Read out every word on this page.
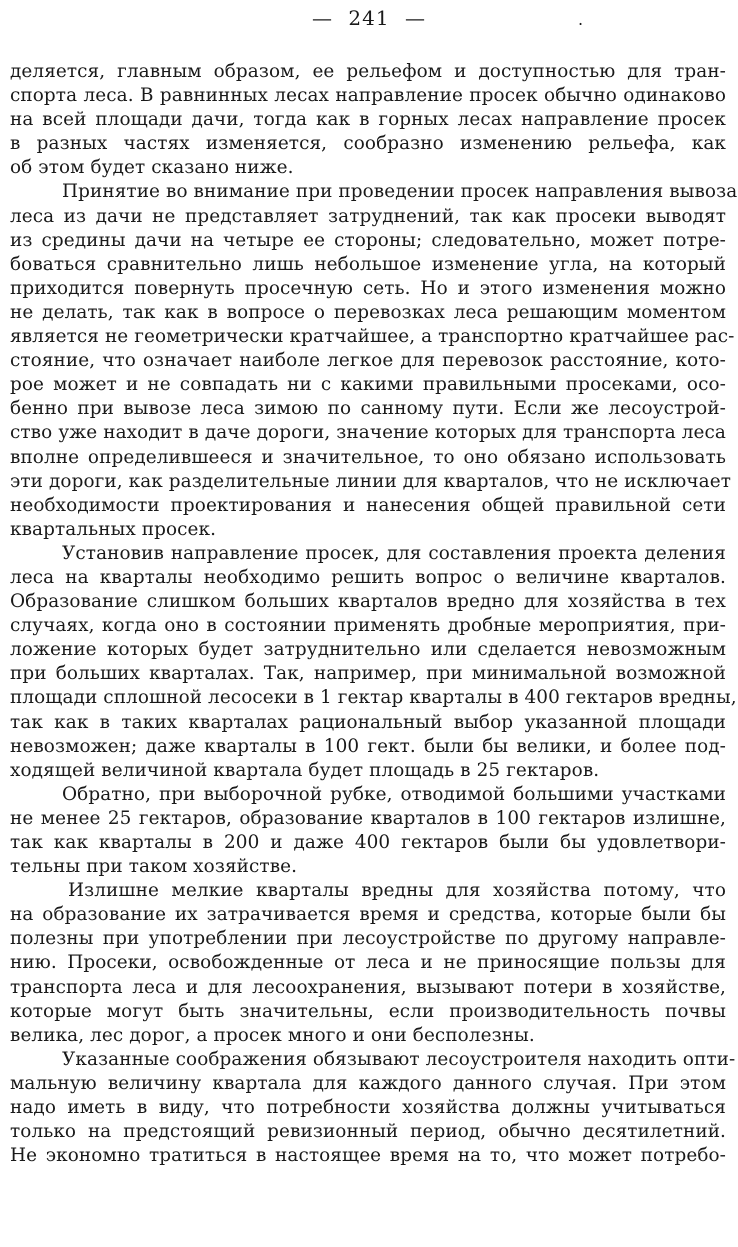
— 241 —	.
деляется, главным образом, ее рельефом и доступностью для тран-
спорта леса. В равнинных лесах направление просек обычно одинаково
на всей площади дачи, тогда как в горных лесах направление просек
в разных частях изменяется, сообразно изменению рельефа, как
об этом будет сказано ниже.
Принятие во внимание при проведении просек направления вывоза
леса из дачи не представляет затруднений, так как просеки выводят
из средины дачи на четыре ее стороны; следовательно, может потре-
боваться сравнительно лишь небольшое изменение угла, на который
приходится повернуть просечную сеть. Но и этого изменения можно
не делать, так как в вопросе о перевозках леса решающим моментом
является не геометрически кратчайшее, а транспортно кратчайшее рас-
стояние, что означает наиболе легкое для перевозок расстояние, кото-
рое может и не совпадать ни с какими правильными просеками, осо-
бенно при вывозе леса зимою по санному пути. Если же лесоустрой-
ство уже находит в даче дороги, значение которых для транспорта леса
вполне определившееся и значительное, то оно обязано использовать
эти дороги, как разделительные линии для кварталов, что не исключает
необходимости проектирования и нанесения общей правильной сети
квартальных просек.
Установив направление просек, для составления проекта деления
леса на кварталы необходимо решить вопрос о величине кварталов.
Образование слишком больших кварталов вредно для хозяйства в тех
случаях, когда оно в состоянии применять дробные мероприятия, при-
ложение которых будет затруднительно или сделается невозможным
при больших кварталах. Так, например, при минимальной возможной
площади сплошной лесосеки в 1 гектар кварталы в 400 гектаров вредны,
так как в таких кварталах рациональный выбор указанной площади
невозможен; даже кварталы в 100 гект. были бы велики, и более под-
ходящей величиной квартала будет площадь в 25 гектаров.
Обратно, при выборочной рубке, отводимой большими участками
не менее 25 гектаров, образование кварталов в 100 гектаров излишне,
так как кварталы в 200 и даже 400 гектаров были бы удовлетвори-
тельны при таком хозяйстве.
Излишне мелкие кварталы вредны для хозяйства потому, что
на образование их затрачивается время и средства, которые были бы
полезны при употреблении при лесоустройстве по другому направле-
нию. Просеки, освобожденные от леса и не приносящие пользы для
транспорта леса и для лесоохранения, вызывают потери в хозяйстве,
которые могут быть значительны, если производительность почвы
велика, лес дорог, а просек много и они бесполезны.
Указанные соображения обязывают лесоустроителя находить опти-
мальную величину квартала для каждого данного случая. При этом
надо иметь в виду, что потребности хозяйства должны учитываться
только на предстоящий ревизионный период, обычно десятилетний.
Не экономно тратиться в настоящее время на то, что может потребо-
